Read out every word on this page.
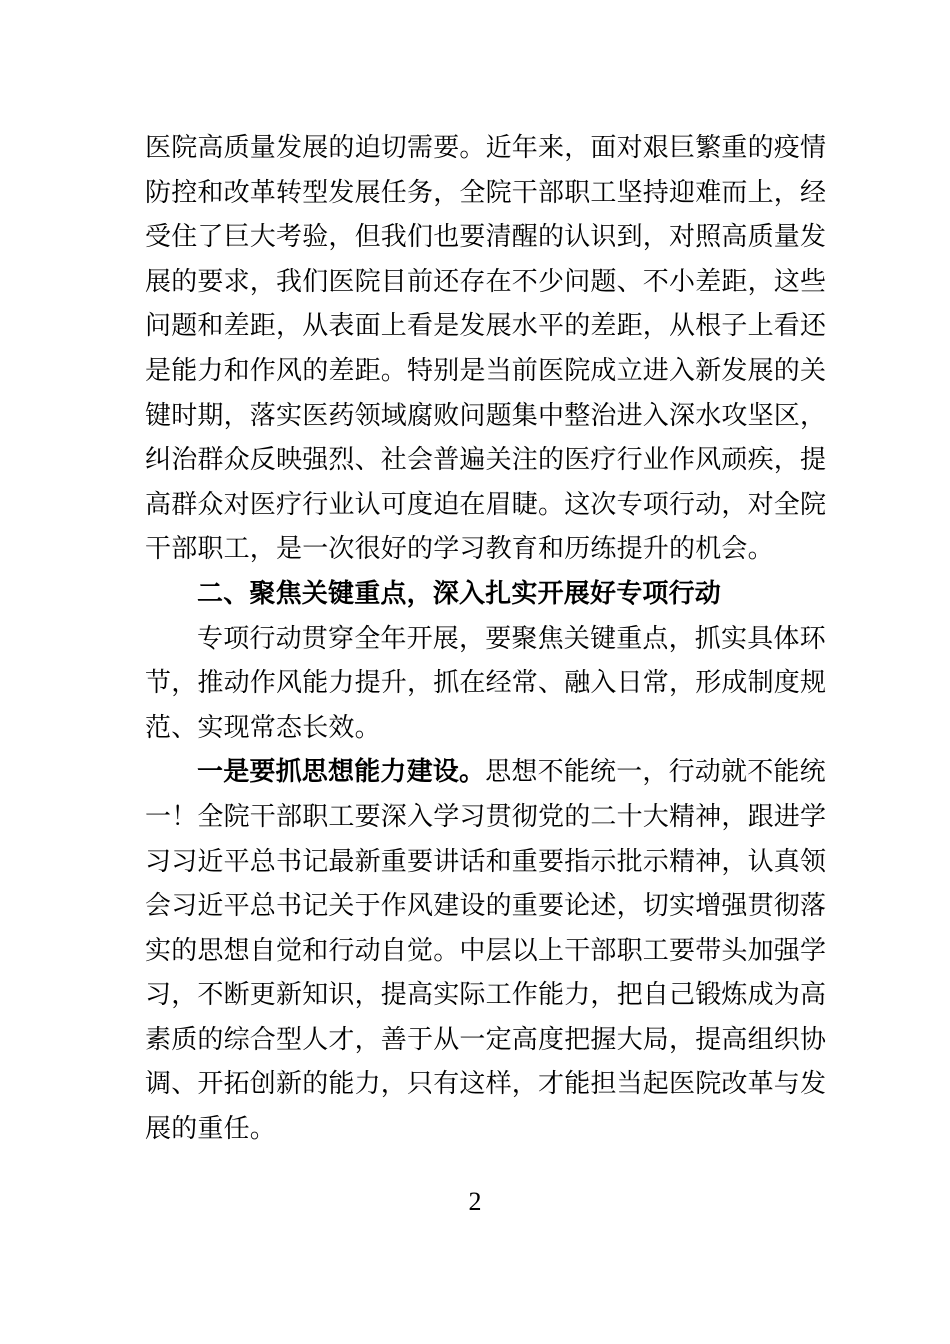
医院高质量发展的迫切需要。近年来，面对艰巨繁重的疫情
防控和改革转型发展任务，全院干部职工坚持迎难而上，经
受住了巨大考验，但我们也要清醒的认识到，对照高质量发
展的要求，我们医院目前还存在不少问题、不小差距，这些
问题和差距，从表面上看是发展水平的差距，从根子上看还
是能力和作风的差距。特别是当前医院成立进入新发展的关
键时期，落实医药领域腐败问题集中整治进入深水攻坚区，
纠治群众反映强烈、社会普遍关注的医疗行业作风顽疾，提
高群众对医疗行业认可度迫在眉睫。这次专项行动，对全院
干部职工，是一次很好的学习教育和历练提升的机会。
二、聚焦关键重点，深入扎实开展好专项行动
专项行动贯穿全年开展，要聚焦关键重点，抓实具体环
节，推动作风能力提升，抓在经常、融入日常，形成制度规
范、实现常态长效。
一是要抓思想能力建设。思想不能统一，行动就不能统
一！全院干部职工要深入学习贯彻党的二十大精神，跟进学
习习近平总书记最新重要讲话和重要指示批示精神，认真领
会习近平总书记关于作风建设的重要论述，切实增强贯彻落
实的思想自觉和行动自觉。中层以上干部职工要带头加强学
习，不断更新知识，提高实际工作能力，把自己锻炼成为高
素质的综合型人才，善于从一定高度把握大局，提高组织协
调、开拓创新的能力，只有这样，才能担当起医院改革与发
展的重任。
2
